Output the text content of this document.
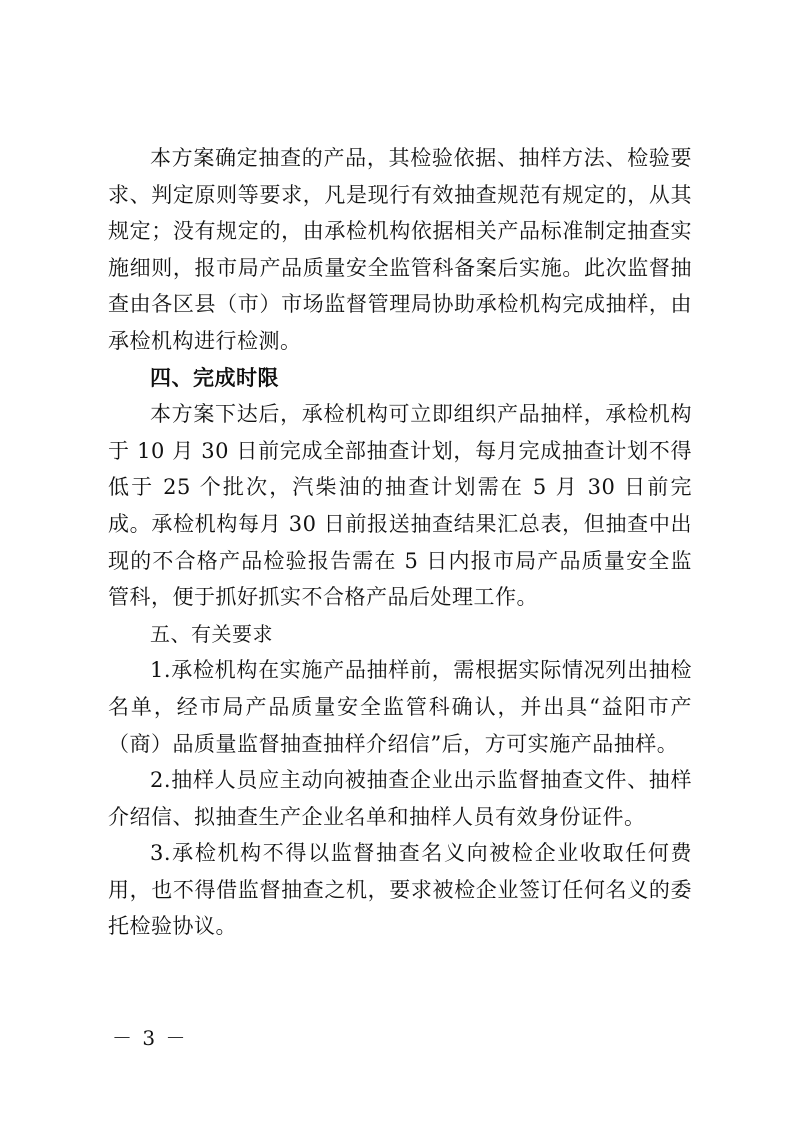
本方案确定抽查的产品，其检验依据、抽样方法、检验要求、判定原则等要求，凡是现行有效抽查规范有规定的，从其规定；没有规定的，由承检机构依据相关产品标准制定抽查实施细则，报市局产品质量安全监管科备案后实施。此次监督抽查由各区县（市）市场监督管理局协助承检机构完成抽样，由承检机构进行检测。

四、完成时限

本方案下达后，承检机构可立即组织产品抽样，承检机构于 10 月 30 日前完成全部抽查计划，每月完成抽查计划不得低于 25 个批次，汽柴油的抽查计划需在 5 月 30 日前完成。承检机构每月 30 日前报送抽查结果汇总表，但抽查中出现的不合格产品检验报告需在 5 日内报市局产品质量安全监管科，便于抓好抓实不合格产品后处理工作。

五、有关要求

1.承检机构在实施产品抽样前，需根据实际情况列出抽检名单，经市局产品质量安全监管科确认，并出具“益阳市产（商）品质量监督抽查抽样介绍信”后，方可实施产品抽样。

2.抽样人员应主动向被抽查企业出示监督抽查文件、抽样介绍信、拟抽查生产企业名单和抽样人员有效身份证件。

3.承检机构不得以监督抽查名义向被检企业收取任何费用，也不得借监督抽查之机，要求被检企业签订任何名义的委托检验协议。

－ 3 －
